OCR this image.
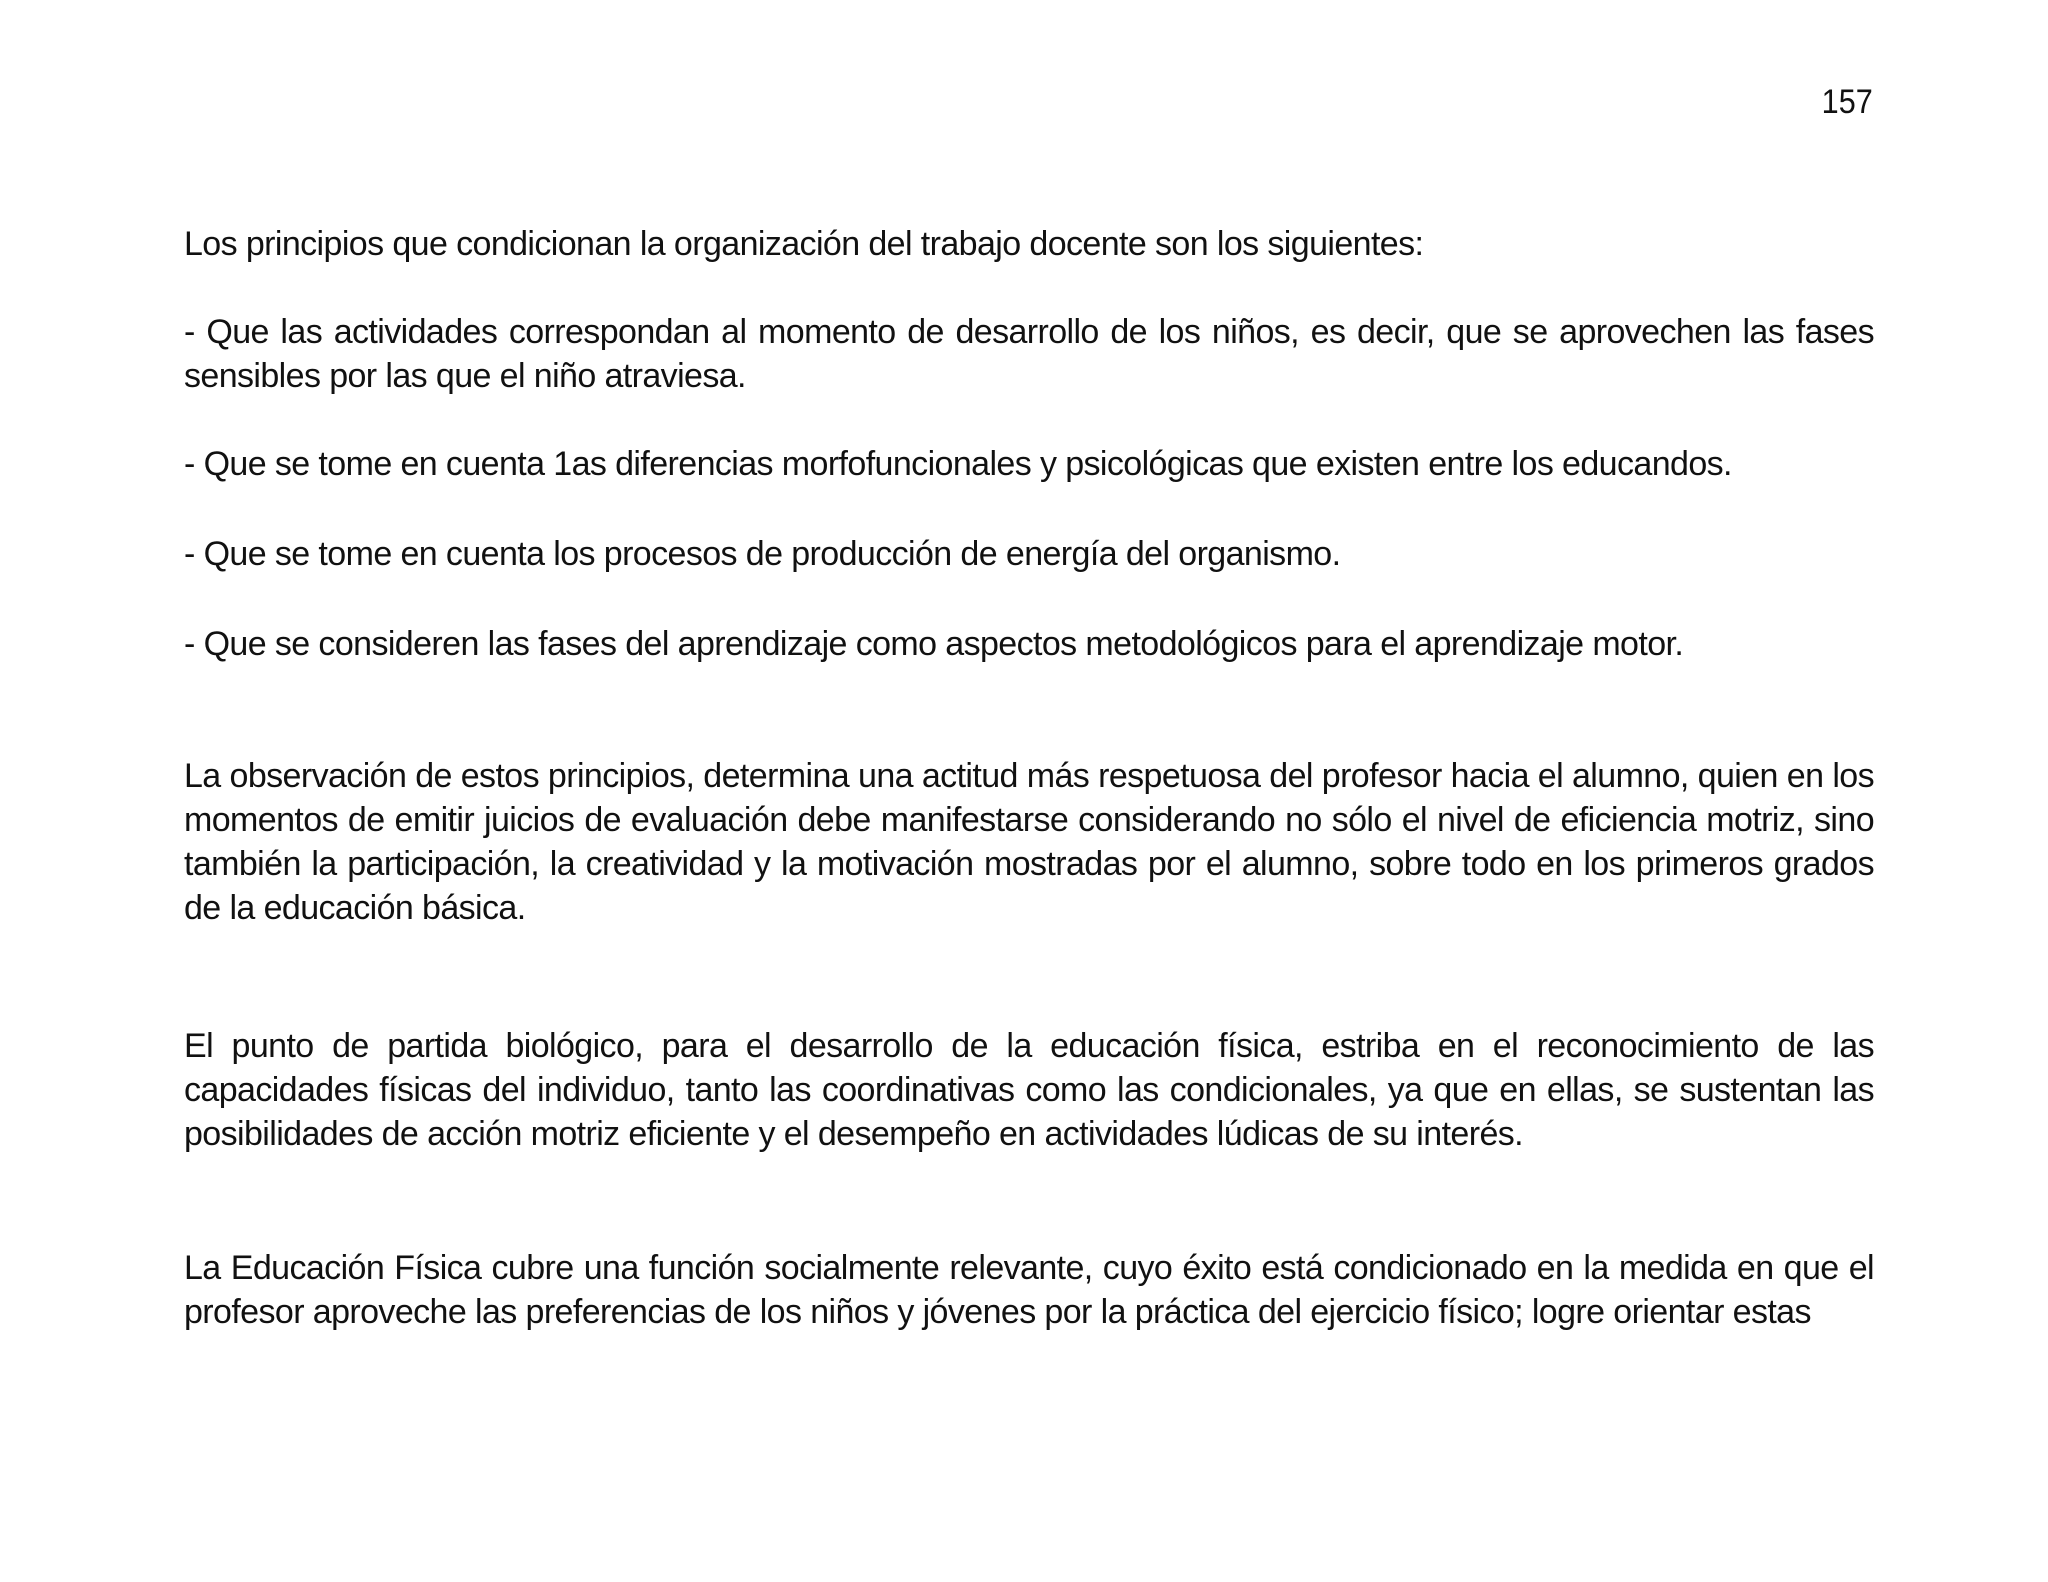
157

Los principios que condicionan la organización del trabajo docente son los siguientes:

- Que las actividades correspondan al momento de desarrollo de los niños, es decir, que se aprovechen las fases sensibles por las que el niño atraviesa.

- Que se tome en cuenta 1as diferencias morfofuncionales y psicológicas que existen entre los educandos.

- Que se tome en cuenta los procesos de producción de energía del organismo.

- Que se consideren las fases del aprendizaje como aspectos metodológicos para el aprendizaje motor.

La observación de estos principios, determina una actitud más respetuosa del profesor hacia el alumno, quien en los momentos de emitir juicios de evaluación debe manifestarse considerando no sólo el nivel de eficiencia motriz, sino también la participación, la creatividad y la motivación mostradas por el alumno, sobre todo en los primeros grados de la educación básica.

El punto de partida biológico, para el desarrollo de la educación física, estriba en el reconocimiento de las capacidades físicas del individuo, tanto las coordinativas como las condicionales, ya que en ellas, se sustentan las posibilidades de acción motriz eficiente y el desempeño en actividades lúdicas de su interés.

La Educación Física cubre una función socialmente relevante, cuyo éxito está condicionado en la medida en que el profesor aproveche las preferencias de los niños y jóvenes por la práctica del ejercicio físico; logre orientar estas
